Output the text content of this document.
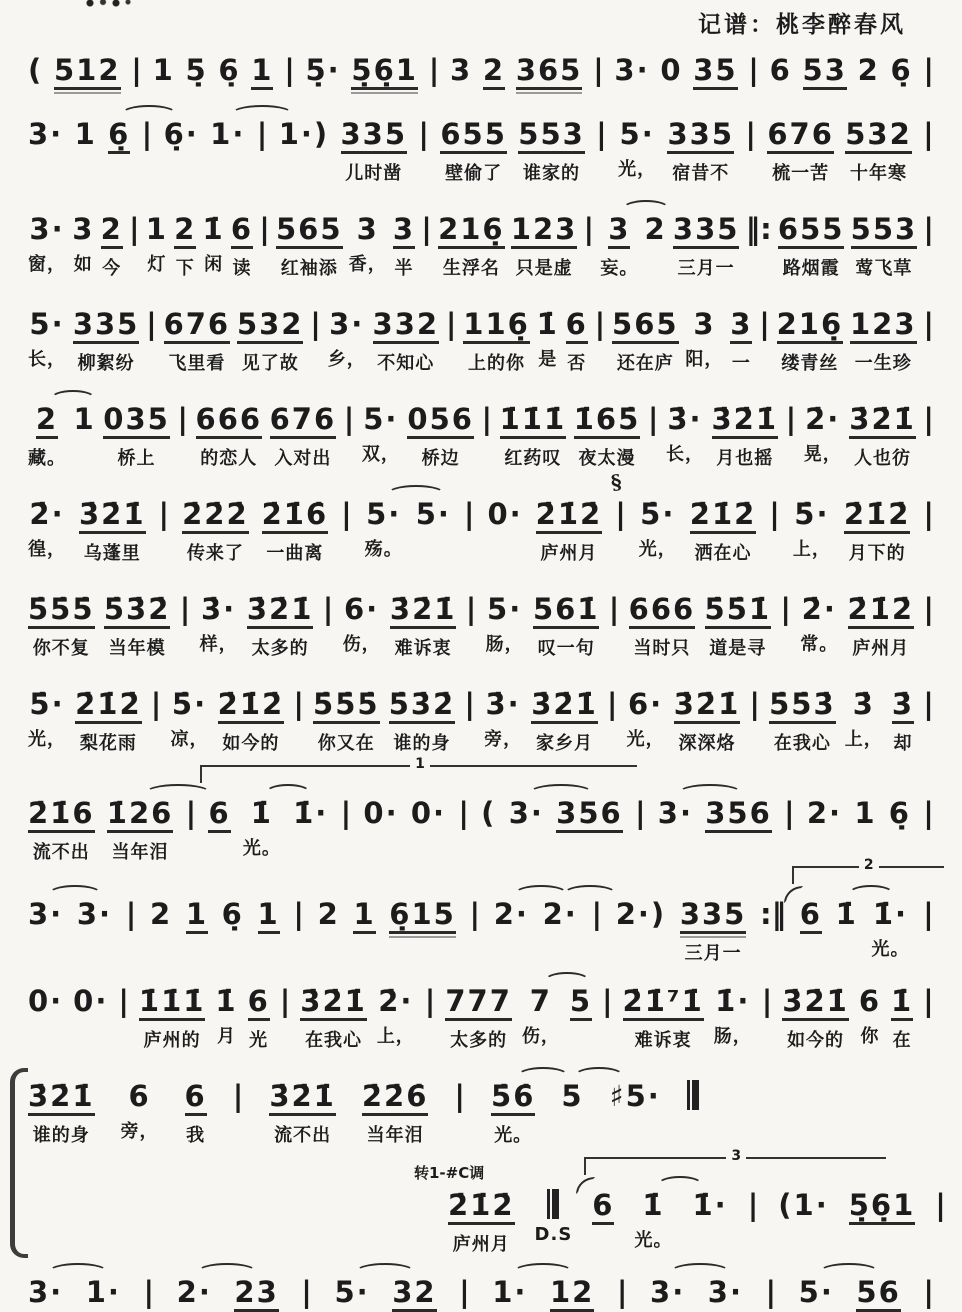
记谱：桃李醉春风
( 512 | 1 5̣ 6̣ 1 | 5̣· 5̣6̣1 | 3 2 365 | 3· 0 35 | 6 53 2 6̣ |
3· 1 6̣ | 6̣· 1· | 1·) 335
儿时凿
| 655
壁偷了
553
谁家的
| 5·
光，
335
宿昔不
| 676
梳一苦
532
十年寒
|
3·
窗，
3
如
2
今
| 1
灯
2
下
1̇
闲
6
读
| 565
红袖添
3
香，
3
半
| 216̣
生浮名
123
只是虚
| 3
妄。
2 335
三月一
‖: 655
路烟霞
553
莺飞草
|
5·
长，
335
柳絮纷
| 676
飞里看
532
见了故
| 3·
乡，
332
不知心
| 116̣
上的你
1̇
是
6
否
| 565
还在庐
3
阳，
3
一
| 216̣
缕青丝
123
一生珍
|
2
藏。
1 035
桥上
| 666
的恋人
676
入对出
| 5·
双，
056
桥边
| 1̇1̇1̇
红药叹
1̇65̇
夜太漫
| 3̇·
长，
3̇2̇1̇
月也摇
| 2̇·
晃，
3̇2̇1̇
人也彷
|
2̇·
徨，
3̇2̇1̇
乌蓬里
| 2̇2̇2̇
传来了
2̇1̇6̇
一曲离
| 5·
殇。
5· | 0· 2̇1̇2̇
庐州月
|
§
5̇·
光，
2̇1̇2̇
洒在心
| 5̇·
上，
2̇1̇2̇
月下的
|
5̇5̇5̇
你不复
5̇3̇2̇
当年模
| 3̇·
样，
3̇2̇1̇
太多的
| 6·
伤，
3̇2̇1̇
难诉衷
| 5·
肠，
561̇
叹一句
| 666
当时只
5̇5̇1̇
道是寻
| 2̇·
常。
2̇1̇2̇
庐州月
|
5̇·
光，
2̇1̇2̇
梨花雨
| 5̇·
凉，
2̇1̇2̇
如今的
| 5̇5̇5̇
你又在
5̇3̇2̇
谁的身
| 3̇·
旁，
3̇2̇1̇
家乡月
| 6·
光，
3̇2̇1̇
深深烙
| 5̇5̇3̇
在我心
3̇
上，
3̇
却
|
2̇1̇6
流不出
1̇26
当年泪
| 6
1
1̇
光。
1̇· | 0· 0· | ( 3· 356 | 3· 356 | 2· 1 6̣ |
3· 3· | 2 1 6̣ 1 | 2 1 6̣15 | 2· 2· | 2·) 335
三月一
:‖ 6
2
1̇ 1̇·
光。
|
0· 0· | 1̇1̇1̇
庐州的
1̇
月
6
光
| 3̇2̇1̇
在我心
2̇·
上，
| 777
太多的
7
伤，
5 | 2̇1̇⁷1̇
难诉衷
1̇·
肠，
| 3̇2̇1̇
如今的
6
你
1̇
在
|
3̇2̇1̇
谁的身
6
旁，
6
我
| 3̇2̇1̇
流不出
2̇2̇6̇
当年泪
| 5̇6̇
光。
5 ♯5·
2̇1̇2̇
转1-#C调
庐州月 D.S
6
3
1̇
光。
1̇· | (1· 5̣6̣1 |
3· 1· | 2· 23 | 5· 32 | 1· 12 | 3· 3· | 5· 56 |
